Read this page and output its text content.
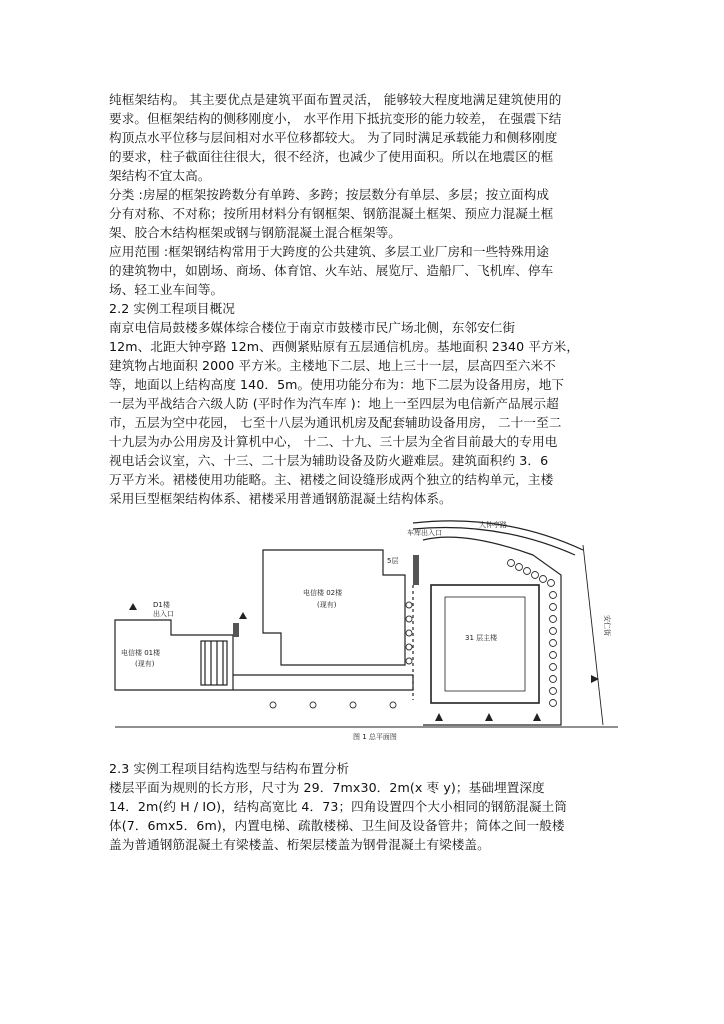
纯框架结构。 其主要优点是建筑平面布置灵活， 能够较大程度地满足建筑使用的
要求。但框架结构的侧移刚度小， 水平作用下抵抗变形的能力较差， 在强震下结
构顶点水平位移与层间相对水平位移都较大。 为了同时满足承载能力和侧移刚度
的要求，柱子截面往往很大，很不经济，也减少了使用面积。所以在地震区的框
架结构不宜太高。
分类 :房屋的框架按跨数分有单跨、多跨；按层数分有单层、多层；按立面构成
分有对称、不对称；按所用材料分有钢框架、钢筋混凝土框架、预应力混凝土框
架、胶合木结构框架或钢与钢筋混凝土混合框架等。
应用范围 :框架钢结构常用于大跨度的公共建筑、多层工业厂房和一些特殊用途
的建筑物中，如剧场、商场、体育馆、火车站、展览厅、造船厂、飞机库、停车
场、轻工业车间等。
2.2 实例工程项目概况
南京电信局鼓楼多媒体综合楼位于南京市鼓楼市民广场北侧，东邻安仁街
12m、北距大钟亭路 12m、西侧紧贴原有五层通信机房。基地面积 2340 平方米，
建筑物占地面积 2000 平方米。主楼地下二层、地上三十一层，层高四至六米不
等，地面以上结构高度 140．5m。使用功能分布为：地下二层为设备用房，地下
一层为平战结合六级人防 (平时作为汽车库 )：地上一至四层为电信新产品展示超
市，五层为空中花园， 七至十八层为通讯机房及配套辅助设备用房， 二十一至二
十九层为办公用房及计算机中心， 十二、十九、三十层为全省目前最大的专用电
视电话会议室，六、十三、二十层为辅助设备及防火避难层。建筑面积约 3．6
万平方米。裙楼使用功能略。主、裙楼之间设缝形成两个独立的结构单元，主楼
采用巨型框架结构体系、裙楼采用普通钢筋混凝土结构体系。
大钟亭路
车库出入口
电信楼 02楼
(现有)
电信楼 01楼
(现有)
31 层主楼
D1楼
出入口
5层
安仁街
图 1 总平面图
2.3 实例工程项目结构选型与结构布置分析
楼层平面为规则的长方形，尺寸为 29．7mx30．2m(x 枣 y)；基础埋置深度
14．2m(约 H / IO)，结构高宽比 4．73；四角设置四个大小相同的钢筋混凝土筒
体(7．6mx5．6m)，内置电梯、疏散楼梯、卫生间及设备管井；简体之间一般楼
盖为普通钢筋混凝土有梁楼盖、桁架层楼盖为钢骨混凝土有梁楼盖。
